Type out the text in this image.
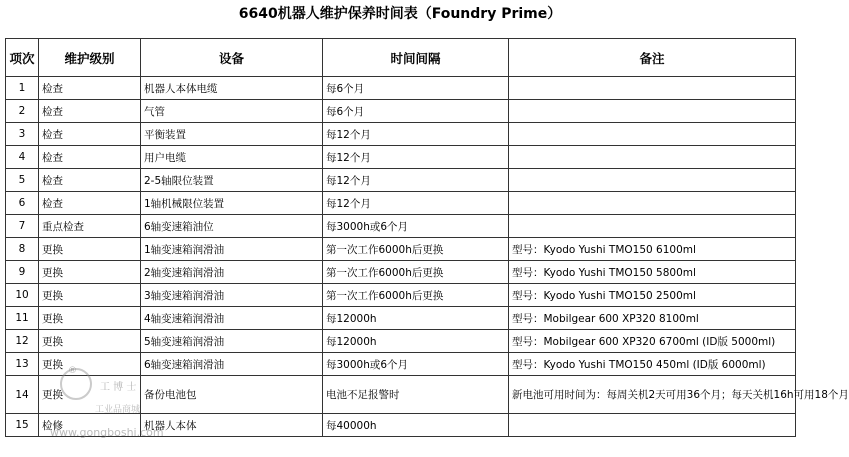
6640机器人维护保养时间表（Foundry Prime）
项次	维护级别	设备	时间间隔	备注
1	检查	机器人本体电缆	每6个月	
2	检查	气管	每6个月	
3	检查	平衡装置	每12个月	
4	检查	用户电缆	每12个月	
5	检查	2-5轴限位装置	每12个月	
6	检查	1轴机械限位装置	每12个月	
7	重点检查	6轴变速箱油位	每3000h或6个月	
8	更换	1轴变速箱润滑油	第一次工作6000h后更换	型号：Kyodo Yushi TMO150 6100ml
9	更换	2轴变速箱润滑油	第一次工作6000h后更换	型号：Kyodo Yushi TMO150 5800ml
10	更换	3轴变速箱润滑油	第一次工作6000h后更换	型号：Kyodo Yushi TMO150 2500ml
11	更换	4轴变速箱润滑油	每12000h	型号：Mobilgear 600 XP320 8100ml
12	更换	5轴变速箱润滑油	每12000h	型号：Mobilgear 600 XP320 6700ml (ID版 5000ml)
13	更换	6轴变速箱润滑油	每3000h或6个月	型号：Kyodo Yushi TMO150 450ml (ID版 6000ml)
14	更换	备份电池包	电池不足报警时	新电池可用时间为：每周关机2天可用36个月；每天关机16h可用18个月
15	检修	机器人本体	每40000h	
®
工 博 士
工业品商城
www.gongboshi.com
